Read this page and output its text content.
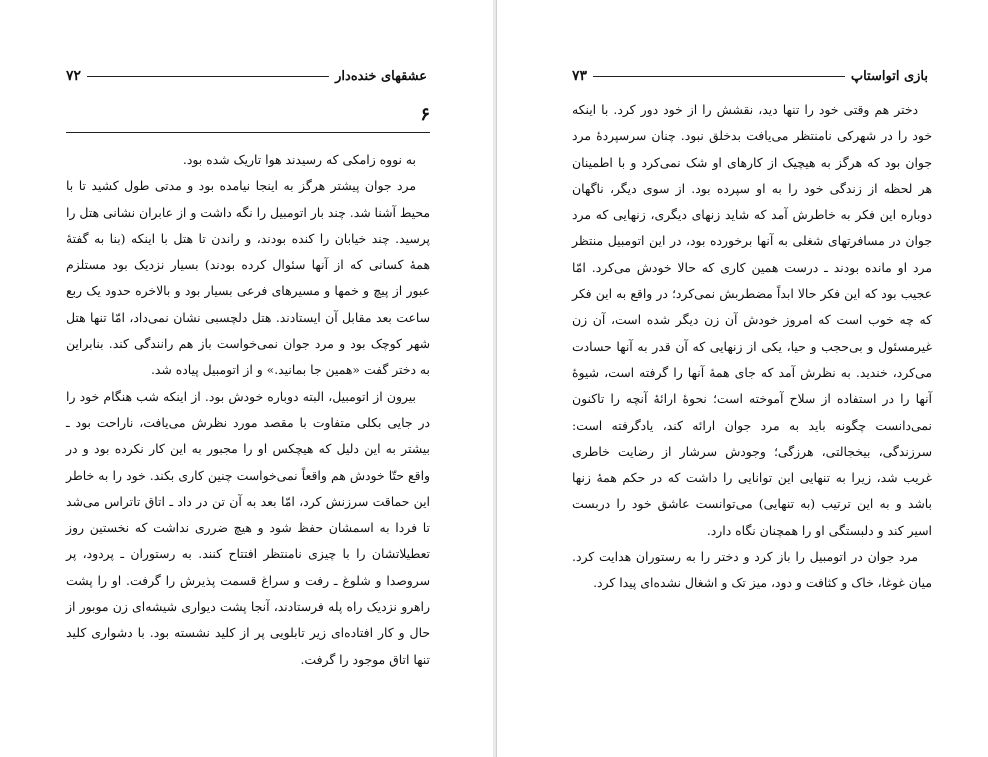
۷۲	عشقهای خنده‌دار
۶

به نووه زامکی که رسیدند هوا تاریک شده بود.

مرد جوان پیشتر هرگز به اینجا نیامده بود و مدتی طول کشید تا با محیط آشنا شد. چند بار اتومبیل را نگه داشت و از عابران نشانی هتل را پرسید. چند خیابان را کنده بودند، و راندن تا هتل با اینکه (بنا به گفتهٔ همهٔ کسانی که از آنها سئوال کرده بودند) بسیار نزدیک بود مستلزم عبور از پیچ و خمها و مسیرهای فرعی بسیار بود و بالاخره حدود یک ربع ساعت بعد مقابل آن ایستادند. هتل دلچسبی نشان نمی‌داد، امّا تنها هتل شهر کوچک بود و مرد جوان نمی‌خواست باز هم رانندگی کند. بنابراین به دختر گفت «همین جا بمانید.» و از اتومبیل پیاده شد.

بیرون از اتومبیل، البته دوباره خودش بود. از اینکه شب هنگام خود را در جایی بکلی متفاوت با مقصد مورد نظرش می‌یافت، ناراحت بود ـ بیشتر به این دلیل که هیچکس او را مجبور به این کار نکرده بود و در واقع حتّا خودش هم واقعاً نمی‌خواست چنین کاری بکند. خود را به خاطر این حماقت سرزنش کرد، امّا بعد به آن تن در داد ـ اتاق تاتراس می‌شد تا فردا به اسمشان حفظ شود و هیچ ضرری نداشت که نخستین روز تعطیلاتشان را با چیزی نامنتظر افتتاح کنند. به رستوران ـ پردود، پر سروصدا و شلوغ ـ رفت و سراغ قسمت پذیرش را گرفت. او را پشت راهرو نزدیک راه پله فرستادند، آنجا پشت دیواری شیشه‌ای زن موبور از حال و کار افتاده‌ای زیر تابلویی پر از کلید نشسته بود. با دشواری کلید تنها اتاق موجود را گرفت.

۷۳	بازی اتواستاپ

دختر هم وقتی خود را تنها دید، نقشش را از خود دور کرد. با اینکه خود را در شهرکی نامنتظر می‌یافت بدخلق نبود. چنان سرسپردهٔ مرد جوان بود که هرگز به هیچیک از کارهای او شک نمی‌کرد و با اطمینان هر لحظه از زندگی خود را به او سپرده بود. از سوی دیگر، ناگهان دوباره این فکر به خاطرش آمد که شاید زنهای دیگری، زنهایی که مرد جوان در مسافرتهای شغلی به آنها برخورده بود، در این اتومبیل منتظر مرد او مانده بودند ـ درست همین کاری که حالا خودش می‌کرد. امّا عجیب بود که این فکر حالا ابداً مضطربش نمی‌کرد؛ در واقع به این فکر که چه خوب است که امروز خودش آن زن دیگر شده است، آن زن غیرمسئول و بی‌حجب و حیا، یکی از زنهایی که آن قدر به آنها حسادت می‌کرد، خندید. به نظرش آمد که جای همهٔ آنها را گرفته است، شیوهٔ آنها را در استفاده از سلاح آموخته است؛ نحوهٔ ارائهٔ آنچه را تاکنون نمی‌دانست چگونه باید به مرد جوان ارائه کند، یادگرفته است: سرزندگی، بیخجالتی، هرزگی؛ وجودش سرشار از رضایت خاطری غریب شد، زیرا به تنهایی این توانایی را داشت که در حکم همهٔ زنها باشد و به این ترتیب (به تنهایی) می‌توانست عاشق خود را دربست اسیر کند و دلبستگی او را همچنان نگاه دارد.

مرد جوان در اتومبیل را باز کرد و دختر را به رستوران هدایت کرد. میان غوغا، خاک و کثافت و دود، میز تک و اشغال نشده‌ای پیدا کرد.
